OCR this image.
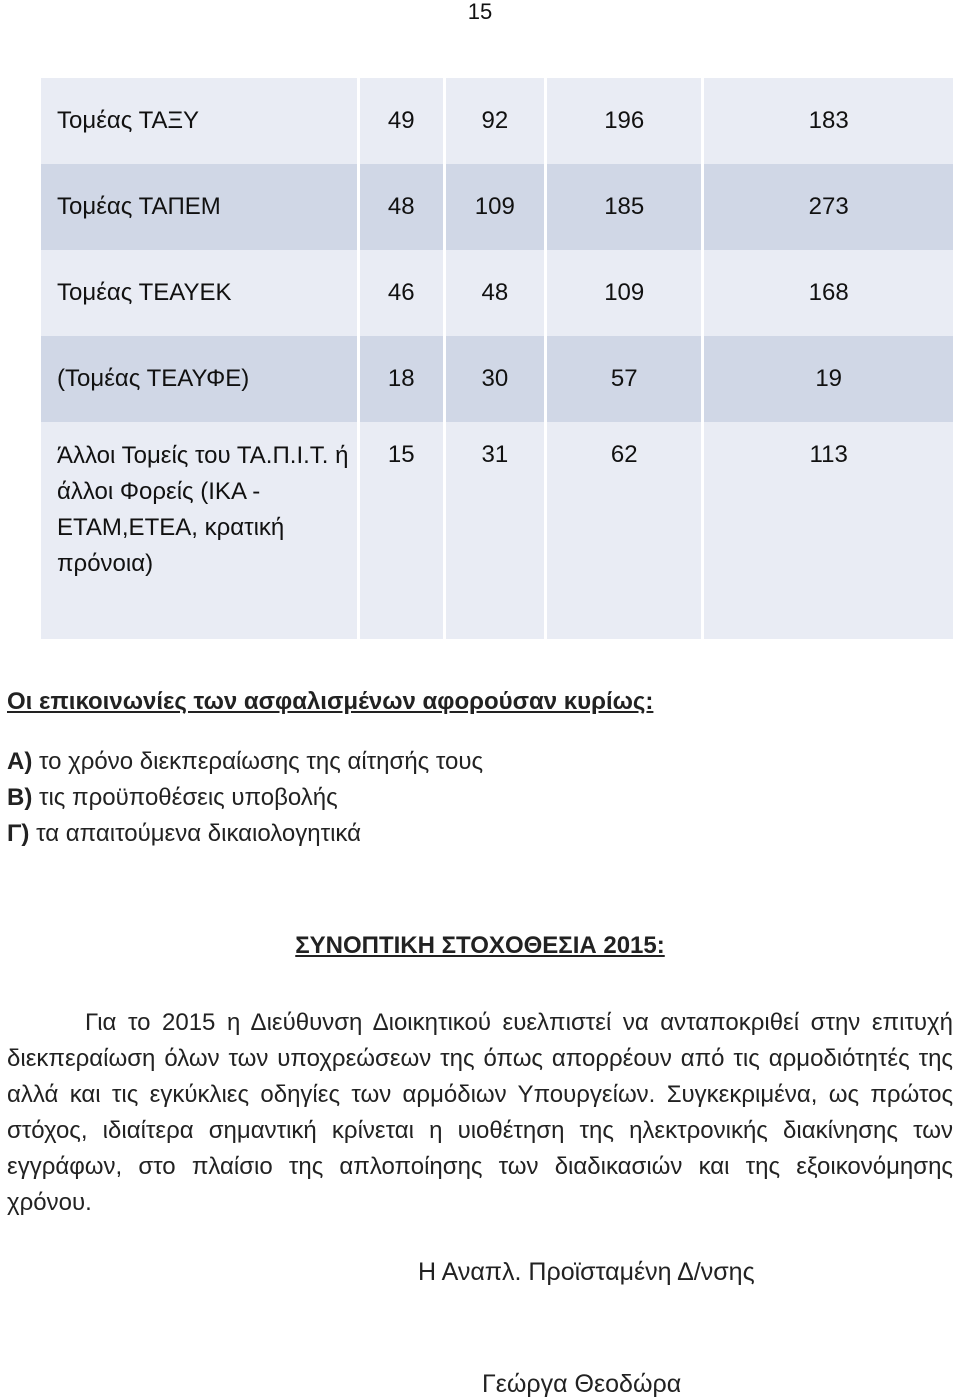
15
Τομέας ΤΑΞΥ	49	92	196	183
Τομέας ΤΑΠΕΜ	48	109	185	273
Τομέας ΤΕΑΥΕΚ	46	48	109	168
(Τομέας ΤΕΑΥΦΕ)	18	30	57	19
Άλλοι Τομείς του ΤΑ.Π.Ι.Τ. ή άλλοι Φορείς (ΙΚΑ - ΕΤΑΜ,ΕΤΕΑ, κρατική πρόνοια)	15	31	62	113
Οι επικοινωνίες των ασφαλισμένων αφορούσαν κυρίως:
Α) το χρόνο διεκπεραίωσης της αίτησής τους
Β) τις προϋποθέσεις υποβολής
Γ) τα απαιτούμενα δικαιολογητικά
ΣΥΝΟΠΤΙΚΗ ΣΤΟΧΟΘΕΣΙΑ 2015:
Για το 2015 η Διεύθυνση Διοικητικού ευελπιστεί να ανταποκριθεί στην επιτυχή διεκπεραίωση όλων των υποχρεώσεων της όπως απορρέουν από τις αρμοδιότητές της αλλά και τις εγκύκλιες οδηγίες των αρμόδιων Υπουργείων. Συγκεκριμένα, ως πρώτος στόχος, ιδιαίτερα σημαντική κρίνεται η υιοθέτηση της ηλεκτρονικής διακίνησης των εγγράφων, στο πλαίσιο της απλοποίησης των διαδικασιών και της εξοικονόμησης χρόνου.

Η Αναπλ. Προϊσταμένη Δ/νσης

Γεώργα Θεοδώρα
